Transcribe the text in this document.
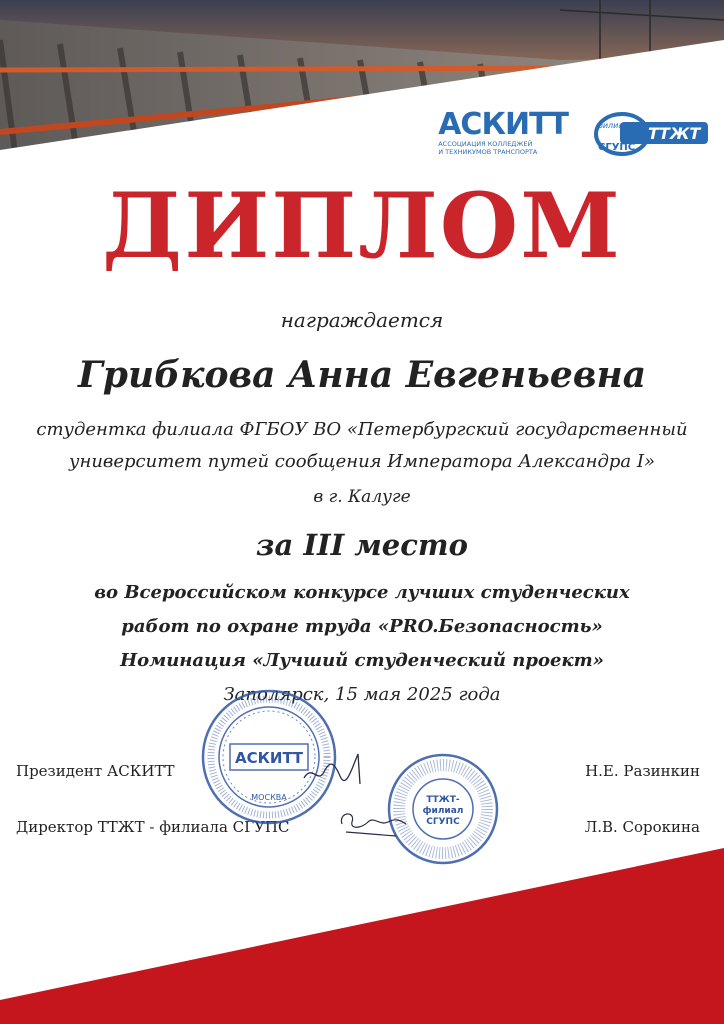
АСКИТТ
АССОЦИАЦИЯ КОЛЛЕДЖЕЙ
И ТЕХНИКУМОВ ТРАНСПОРТА
филиал
СГУПС
ТТЖТ
ДИПЛОМ
награждается
Грибкова Анна Евгеньевна
студентка филиала ФГБОУ ВО «Петербургский государственный
университет путей сообщения Императора Александра I»
в г. Калуге
за III место
во Всероссийском конкурсе лучших студенческих
работ по охране труда «PRO.Безопасность»
Номинация «Лучший студенческий проект»
Заполярск, 15 мая 2025 года
Президент АСКИТТ	Н.Е. Разинкин
Директор ТТЖТ - филиала СГУПС	Л.В. Сорокина
АСКИТТ
МОСКВА	ТТЖТ-
филиал
СГУПС
